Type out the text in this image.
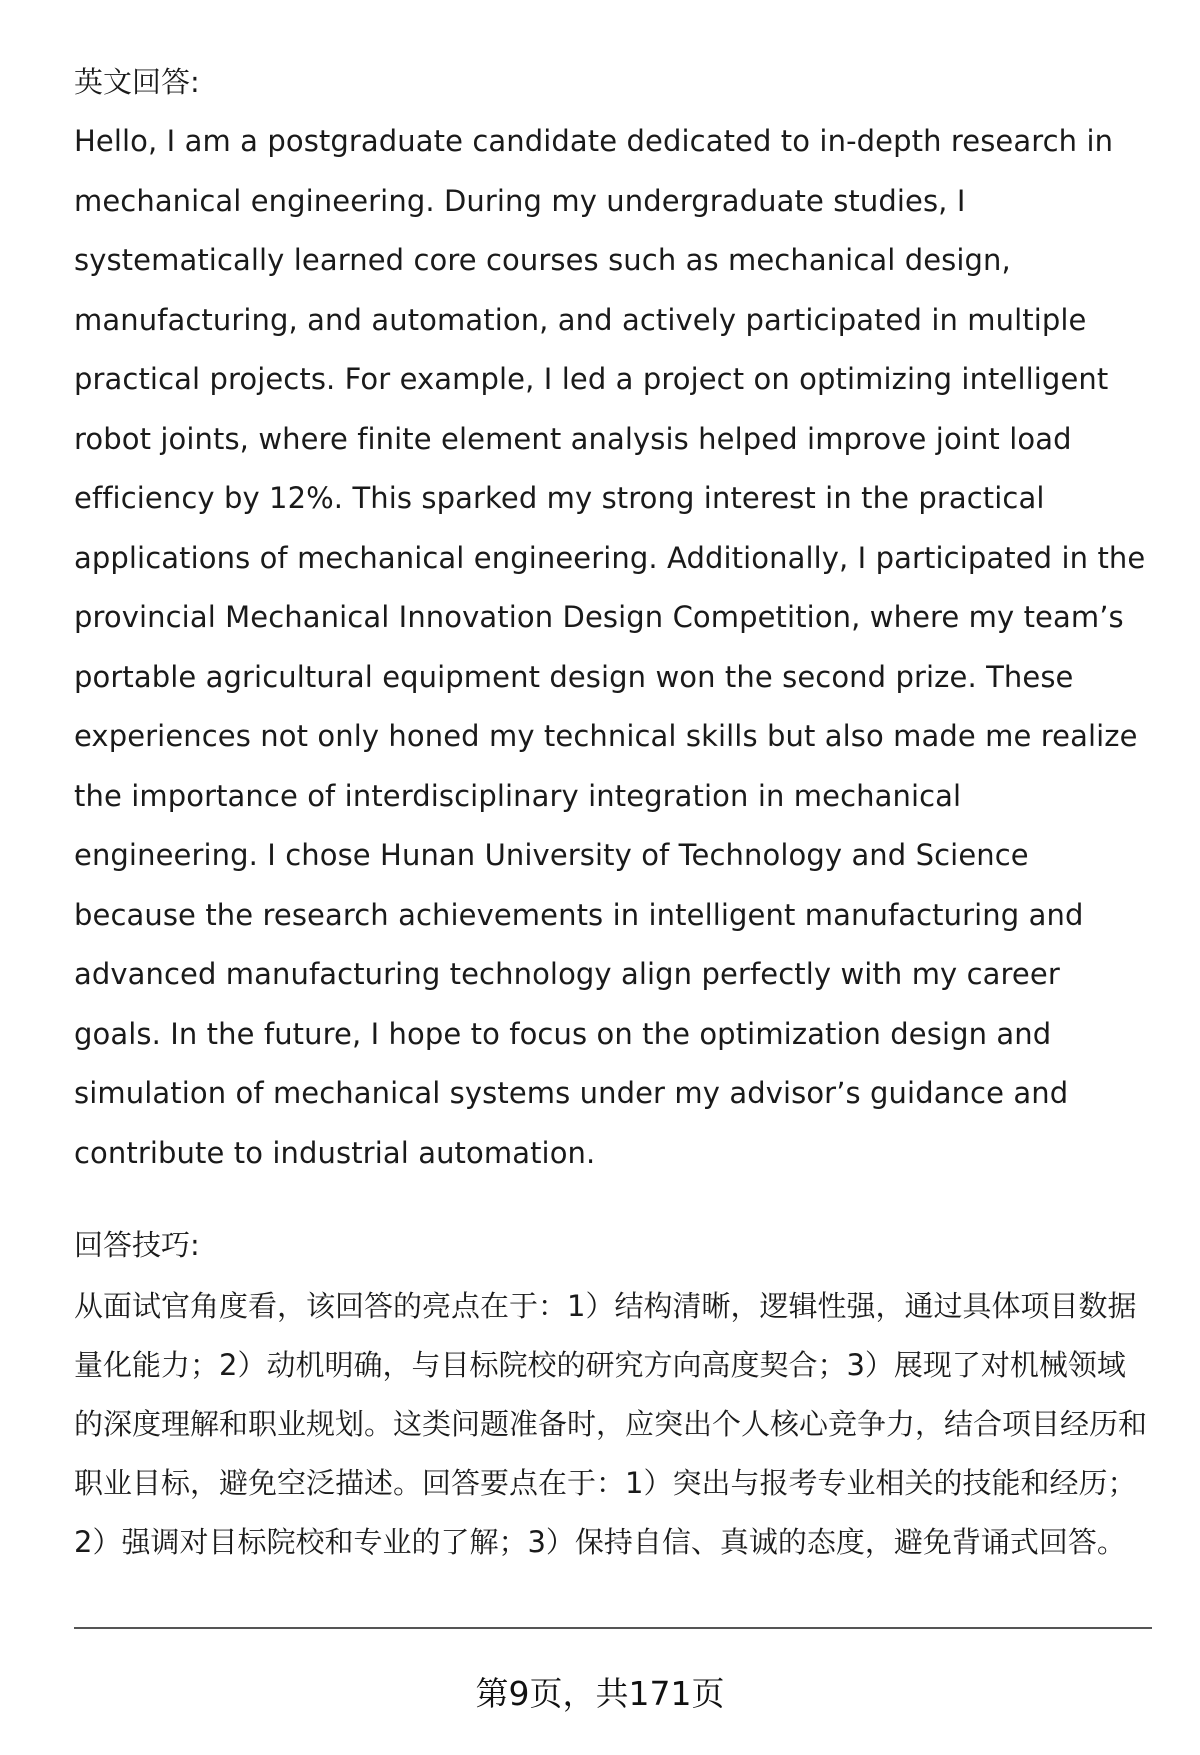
英文回答:

Hello, I am a postgraduate candidate dedicated to in-depth research in mechanical engineering. During my undergraduate studies, I systematically learned core courses such as mechanical design, manufacturing, and automation, and actively participated in multiple practical projects. For example, I led a project on optimizing intelligent robot joints, where finite element analysis helped improve joint load efficiency by 12%. This sparked my strong interest in the practical applications of mechanical engineering. Additionally, I participated in the provincial Mechanical Innovation Design Competition, where my team’s portable agricultural equipment design won the second prize. These experiences not only honed my technical skills but also made me realize the importance of interdisciplinary integration in mechanical engineering. I chose Hunan University of Technology and Science because the research achievements in intelligent manufacturing and advanced manufacturing technology align perfectly with my career goals. In the future, I hope to focus on the optimization design and simulation of mechanical systems under my advisor’s guidance and contribute to industrial automation.

回答技巧:

从面试官角度看，该回答的亮点在于：1）结构清晰，逻辑性强，通过具体项目数据量化能力；2）动机明确，与目标院校的研究方向高度契合；3）展现了对机械领域的深度理解和职业规划。这类问题准备时，应突出个人核心竞争力，结合项目经历和职业目标，避免空泛描述。回答要点在于：1）突出与报考专业相关的技能和经历；2）强调对目标院校和专业的了解；3）保持自信、真诚的态度，避免背诵式回答。

第9页，共171页
